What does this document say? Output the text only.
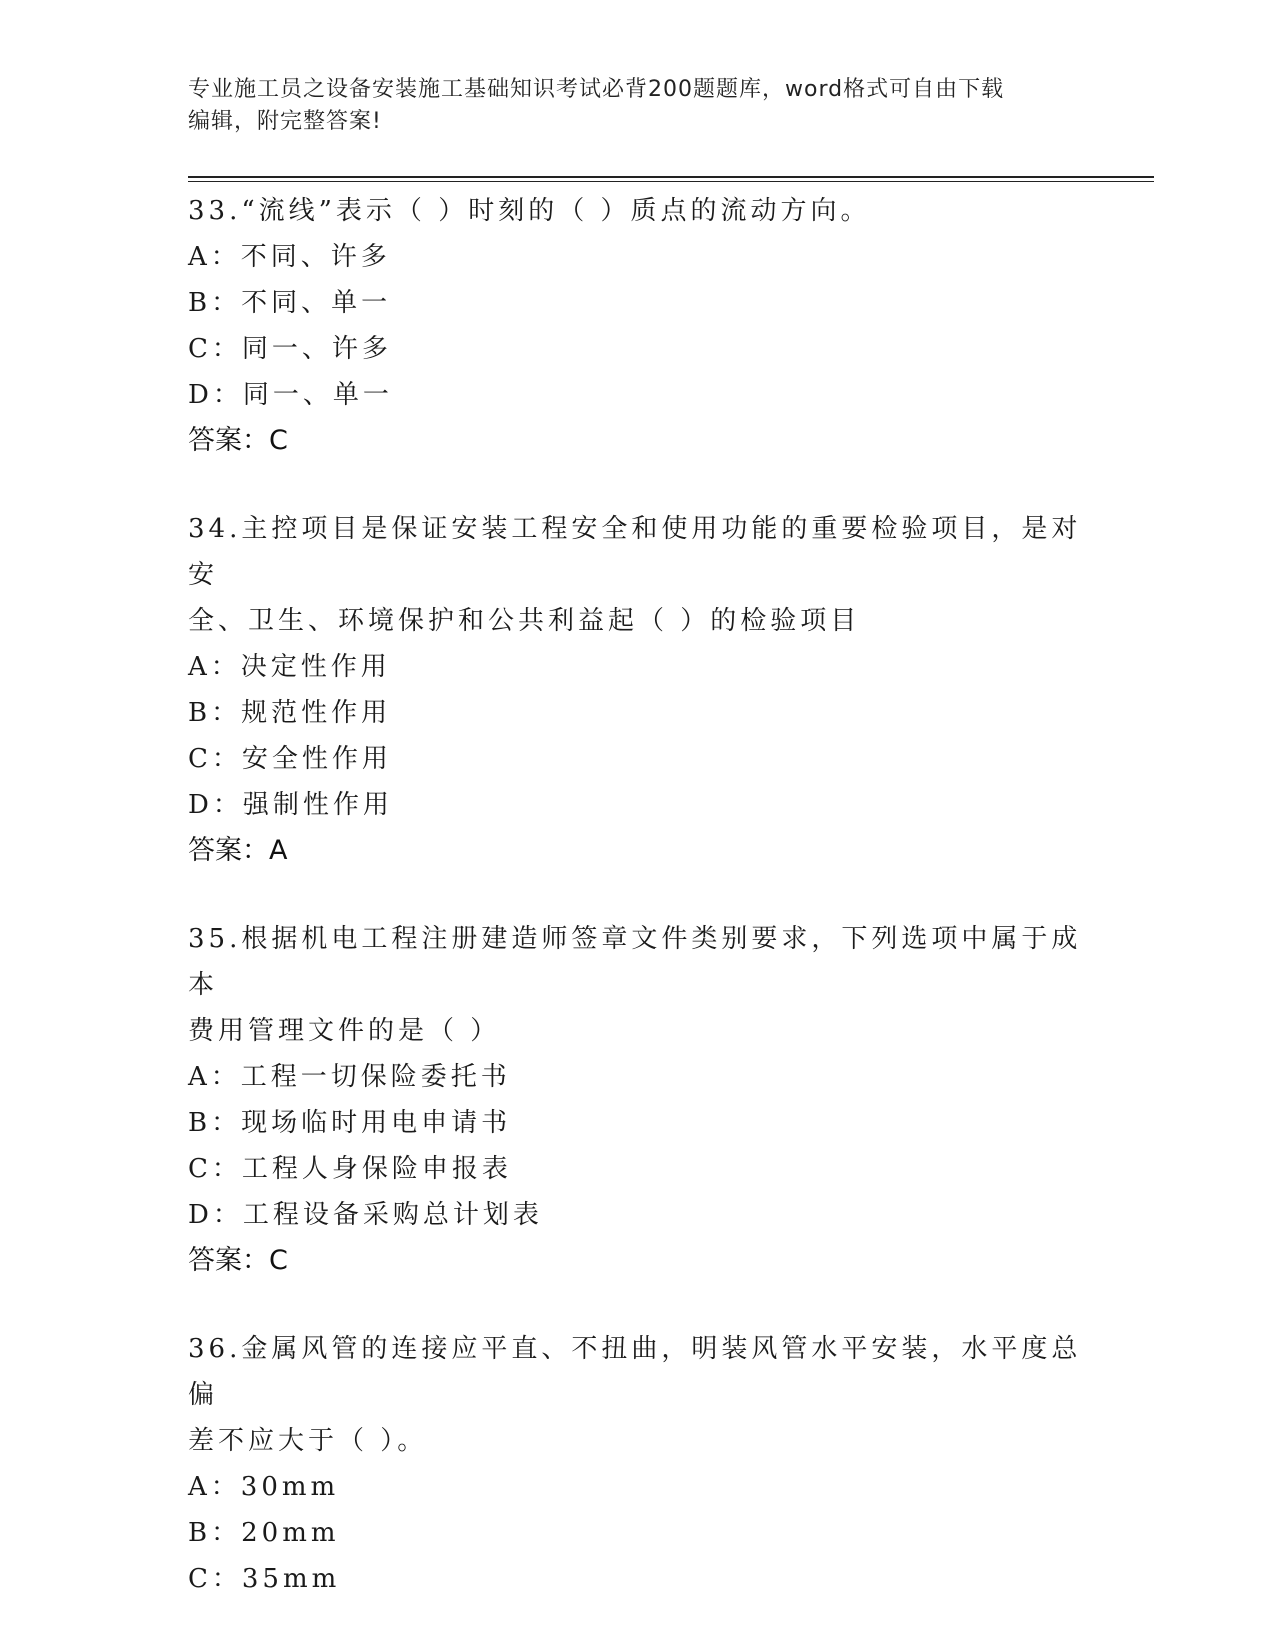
专业施工员之设备安装施工基础知识考试必背200题题库，word格式可自由下载
编辑，附完整答案!

33.“流线”表示（ ）时刻的（ ）质点的流动方向。

A：不同、许多

B：不同、单一

C：同一、许多

D：同一、单一

答案：C

34.主控项目是保证安装工程安全和使用功能的重要检验项目，是对安

全、卫生、环境保护和公共利益起（ ）的检验项目

A：决定性作用

B：规范性作用

C：安全性作用

D：强制性作用

答案：A

35.根据机电工程注册建造师签章文件类别要求，下列选项中属于成本

费用管理文件的是（ ）

A：工程一切保险委托书

B：现场临时用电申请书

C：工程人身保险申报表

D：工程设备采购总计划表

答案：C

36.金属风管的连接应平直、不扭曲，明装风管水平安装，水平度总偏

差不应大于（ ）。

A：30mm

B：20mm

C：35mm
